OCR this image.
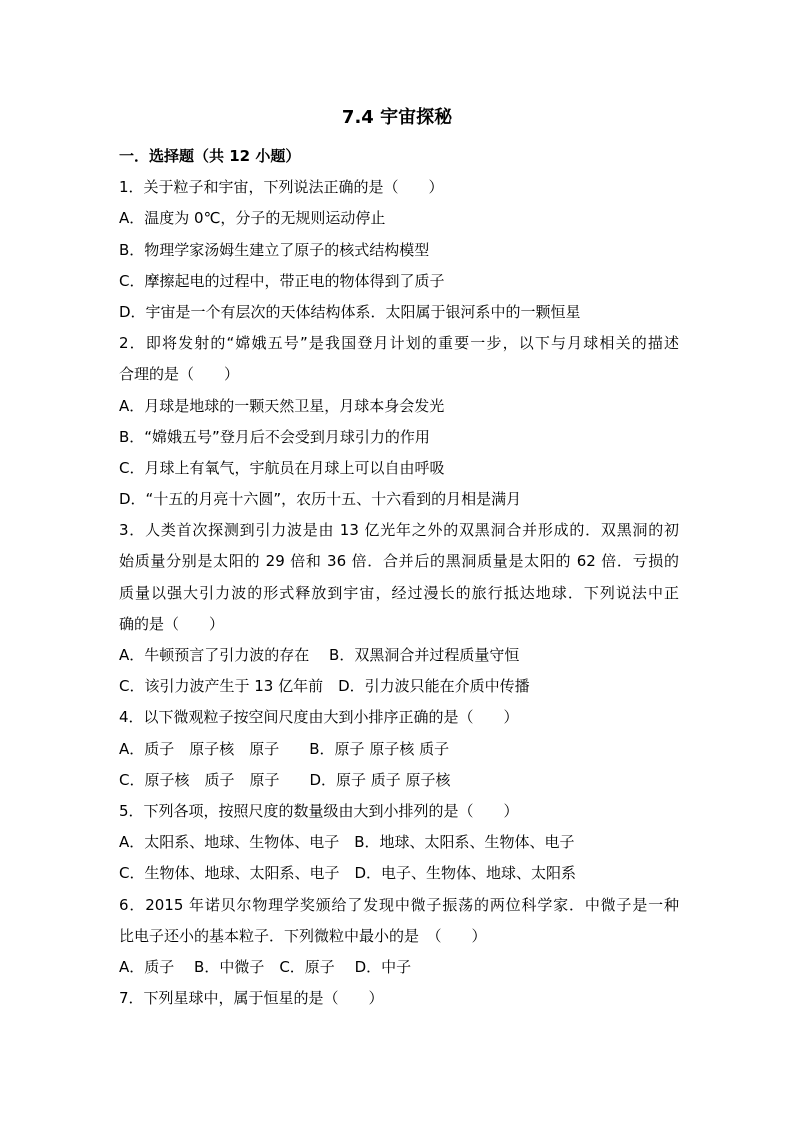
7.4 宇宙探秘
一．选择题（共 12 小题）
1．关于粒子和宇宙，下列说法正确的是（　　）
A．温度为 0℃，分子的无规则运动停止
B．物理学家汤姆生建立了原子的核式结构模型
C．摩擦起电的过程中，带正电的物体得到了质子
D．宇宙是一个有层次的天体结构体系．太阳属于银河系中的一颗恒星
2．即将发射的“嫦娥五号”是我国登月计划的重要一步，以下与月球相关的描述
合理的是（　　）
A．月球是地球的一颗天然卫星，月球本身会发光
B．“嫦娥五号”登月后不会受到月球引力的作用
C．月球上有氧气，宇航员在月球上可以自由呼吸
D．“十五的月亮十六圆”，农历十五、十六看到的月相是满月
3．人类首次探测到引力波是由 13 亿光年之外的双黑洞合并形成的．双黑洞的初
始质量分别是太阳的 29 倍和 36 倍．合并后的黑洞质量是太阳的 62 倍．亏损的
质量以强大引力波的形式释放到宇宙，经过漫长的旅行抵达地球．下列说法中正
确的是（　　）
A．牛顿预言了引力波的存在　 B．双黑洞合并过程质量守恒
C．该引力波产生于 13 亿年前　D．引力波只能在介质中传播
4．以下微观粒子按空间尺度由大到小排序正确的是（　　）
A．质子　原子核　原子　　B．原子 原子核 质子
C．原子核　质子　原子　　D．原子 质子 原子核
5．下列各项，按照尺度的数量级由大到小排列的是（　　）
A．太阳系、地球、生物体、电子　B．地球、太阳系、生物体、电子
C．生物体、地球、太阳系、电子　D．电子、生物体、地球、太阳系
6．2015 年诺贝尔物理学奖颁给了发现中微子振荡的两位科学家．中微子是一种
比电子还小的基本粒子．下列微粒中最小的是　（　　）
A．质子　 B．中微子　C．原子　 D．中子
7．下列星球中，属于恒星的是（　　）
